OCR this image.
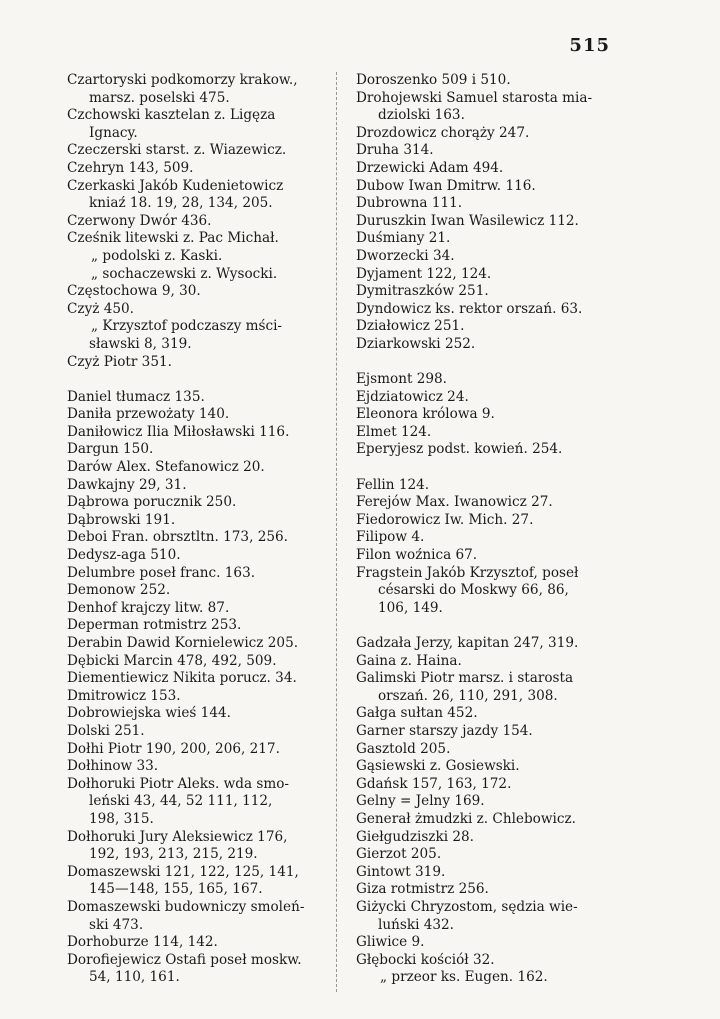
515
Czartoryski podkomorzy krakow.,
marsz. poselski 475.
Czchowski kasztelan z. Ligęza
Ignacy.
Czeczerski starst. z. Wiazewicz.
Czehryn 143, 509.
Czerkaski Jakób Kudenietowicz
kniaź 18. 19, 28, 134, 205.
Czerwony Dwór 436.
Cześnik litewski z. Pac Michał.
„ podolski z. Kaski.
„ sochaczewski z. Wysocki.
Częstochowa 9, 30.
Czyż 450.
„ Krzysztof podczaszy mści-
sławski 8, 319.
Czyż Piotr 351.
Daniel tłumacz 135.
Daniła przewożaty 140.
Daniłowicz Ilia Miłosławski 116.
Dargun 150.
Darów Alex. Stefanowicz 20.
Dawkajny 29, 31.
Dąbrowa porucznik 250.
Dąbrowski 191.
Deboi Fran. obrsztltn. 173, 256.
Dedysz-aga 510.
Delumbre poseł franc. 163.
Demonow 252.
Denhof krajczy litw. 87.
Deperman rotmistrz 253.
Derabin Dawid Kornielewicz 205.
Dębicki Marcin 478, 492, 509.
Diementiewicz Nikita porucz. 34.
Dmitrowicz 153.
Dobrowiejska wieś 144.
Dolski 251.
Dołhi Piotr 190, 200, 206, 217.
Dołhinow 33.
Dołhoruki Piotr Aleks. wda smo-
leński 43, 44, 52 111, 112,
198, 315.
Dołhoruki Jury Aleksiewicz 176,
192, 193, 213, 215, 219.
Domaszewski 121, 122, 125, 141,
145—148, 155, 165, 167.
Domaszewski budowniczy smoleń-
ski 473.
Dorhoburze 114, 142.
Dorofiejewicz Ostafi poseł moskw.
54, 110, 161.
Doroszenko 509 i 510.
Drohojewski Samuel starosta mia-
dziolski 163.
Drozdowicz chorąży 247.
Druha 314.
Drzewicki Adam 494.
Dubow Iwan Dmitrw. 116.
Dubrowna 111.
Duruszkin Iwan Wasilewicz 112.
Duśmiany 21.
Dworzecki 34.
Dyjament 122, 124.
Dymitraszków 251.
Dyndowicz ks. rektor orszań. 63.
Działowicz 251.
Dziarkowski 252.
Ejsmont 298.
Ejdziatowicz 24.
Eleonora królowa 9.
Elmet 124.
Eperyjesz podst. kowień. 254.
Fellin 124.
Ferejów Max. Iwanowicz 27.
Fiedorowicz Iw. Mich. 27.
Filipow 4.
Filon woźnica 67.
Fragstein Jakób Krzysztof, poseł
césarski do Moskwy 66, 86,
106, 149.
Gadzała Jerzy, kapitan 247, 319.
Gaina z. Haina.
Galimski Piotr marsz. i starosta
orszań. 26, 110, 291, 308.
Gałga sułtan 452.
Garner starszy jazdy 154.
Gasztold 205.
Gąsiewski z. Gosiewski.
Gdańsk 157, 163, 172.
Gelny = Jelny 169.
Generał żmudzki z. Chlebowicz.
Giełgudziszki 28.
Gierzot 205.
Gintowt 319.
Giza rotmistrz 256.
Giżycki Chryzostom, sędzia wie-
luński 432.
Gliwice 9.
Głębocki kościół 32.
„ przeor ks. Eugen. 162.
